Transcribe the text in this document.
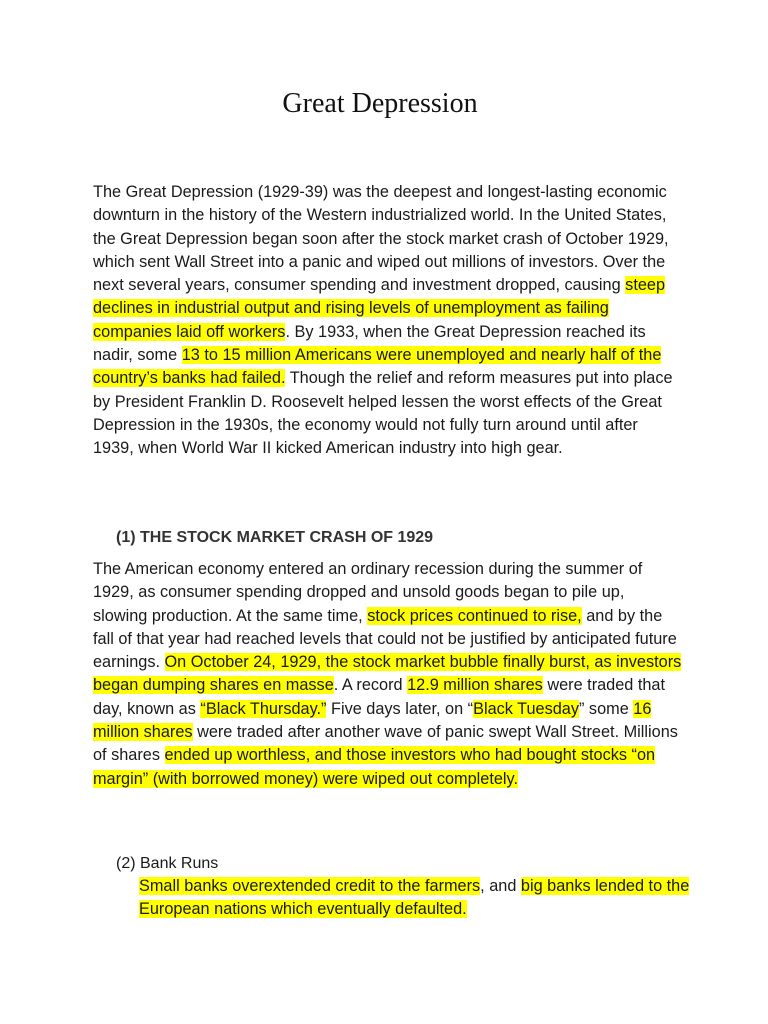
Great Depression
The Great Depression (1929-39) was the deepest and longest-lasting economic downturn in the history of the Western industrialized world. In the United States, the Great Depression began soon after the stock market crash of October 1929, which sent Wall Street into a panic and wiped out millions of investors. Over the next several years, consumer spending and investment dropped, causing steep declines in industrial output and rising levels of unemployment as failing companies laid off workers. By 1933, when the Great Depression reached its nadir, some 13 to 15 million Americans were unemployed and nearly half of the country’s banks had failed. Though the relief and reform measures put into place by President Franklin D. Roosevelt helped lessen the worst effects of the Great Depression in the 1930s, the economy would not fully turn around until after 1939, when World War II kicked American industry into high gear.
(1) THE STOCK MARKET CRASH OF 1929
The American economy entered an ordinary recession during the summer of 1929, as consumer spending dropped and unsold goods began to pile up, slowing production. At the same time, stock prices continued to rise, and by the fall of that year had reached levels that could not be justified by anticipated future earnings. On October 24, 1929, the stock market bubble finally burst, as investors began dumping shares en masse. A record 12.9 million shares were traded that day, known as “Black Thursday.” Five days later, on “Black Tuesday” some 16 million shares were traded after another wave of panic swept Wall Street. Millions of shares ended up worthless, and those investors who had bought stocks “on margin” (with borrowed money) were wiped out completely.
(2) Bank Runs
Small banks overextended credit to the farmers, and big banks lended to the European nations which eventually defaulted.
